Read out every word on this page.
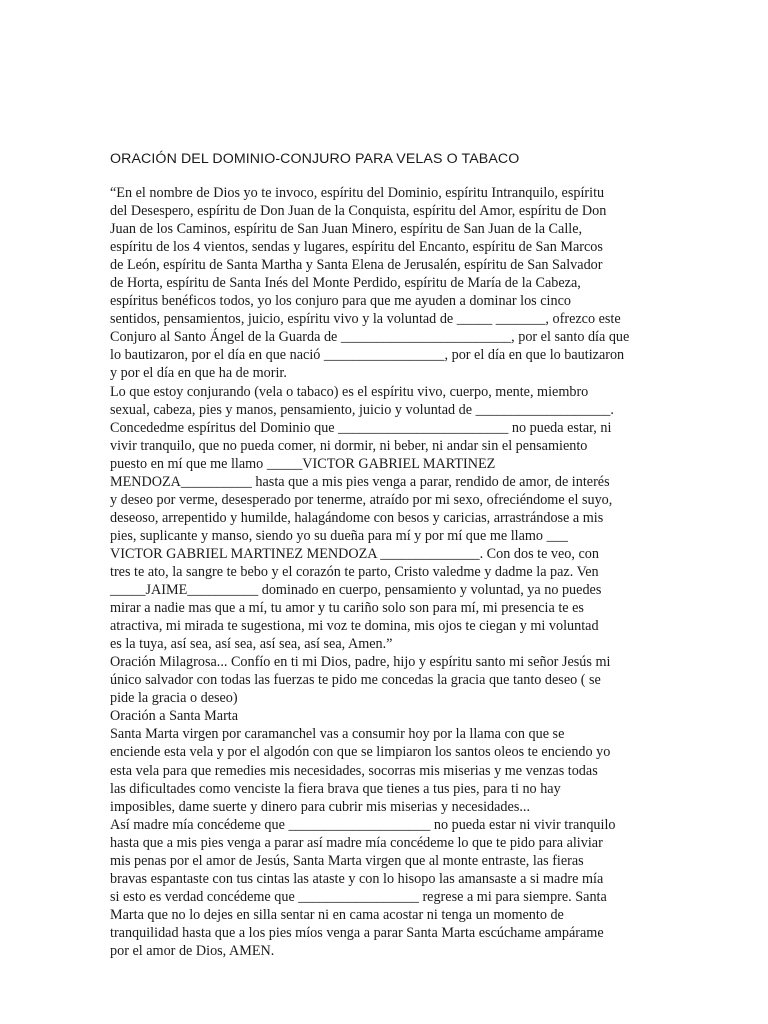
ORACIÓN DEL DOMINIO-CONJURO PARA VELAS O TABACO
“En el nombre de Dios yo te invoco, espíritu del Dominio, espíritu Intranquilo, espíritu
del Desespero, espíritu de Don Juan de la Conquista, espíritu del Amor, espíritu de Don
Juan de los Caminos, espíritu de San Juan Minero, espíritu de San Juan de la Calle,
espíritu de los 4 vientos, sendas y lugares, espíritu del Encanto, espíritu de San Marcos
de León, espíritu de Santa Martha y Santa Elena de Jerusalén, espíritu de San Salvador
de Horta, espíritu de Santa Inés del Monte Perdido, espíritu de María de la Cabeza,
espíritus benéficos todos, yo los conjuro para que me ayuden a dominar los cinco
sentidos, pensamientos, juicio, espíritu vivo y la voluntad de _____ _______, ofrezco este
Conjuro al Santo Ángel de la Guarda de ________________________, por el santo día que
lo bautizaron, por el día en que nació _________________, por el día en que lo bautizaron
y por el día en que ha de morir.
Lo que estoy conjurando (vela o tabaco) es el espíritu vivo, cuerpo, mente, miembro
sexual, cabeza, pies y manos, pensamiento, juicio y voluntad de ___________________.
Concededme espíritus del Dominio que ________________________ no pueda estar, ni
vivir tranquilo, que no pueda comer, ni dormir, ni beber, ni andar sin el pensamiento
puesto en mí que me llamo _____VICTOR GABRIEL MARTINEZ
MENDOZA__________ hasta que a mis pies venga a parar, rendido de amor, de interés
y deseo por verme, desesperado por tenerme, atraído por mi sexo, ofreciéndome el suyo,
deseoso, arrepentido y humilde, halagándome con besos y caricias, arrastrándose a mis
pies, suplicante y manso, siendo yo su dueña para mí y por mí que me llamo ___
VICTOR GABRIEL MARTINEZ MENDOZA ______________. Con dos te veo, con
tres te ato, la sangre te bebo y el corazón te parto, Cristo valedme y dadme la paz. Ven
_____JAIME__________ dominado en cuerpo, pensamiento y voluntad, ya no puedes
mirar a nadie mas que a mí, tu amor y tu cariño solo son para mí, mi presencia te es
atractiva, mi mirada te sugestiona, mi voz te domina, mis ojos te ciegan y mi voluntad
es la tuya, así sea, así sea, así sea, así sea, Amen.”
Oración Milagrosa... Confío en ti mi Dios, padre, hijo y espíritu santo mi señor Jesús mi
único salvador con todas las fuerzas te pido me concedas la gracia que tanto deseo ( se
pide la gracia o deseo)
Oración a Santa Marta
Santa Marta virgen por caramanchel vas a consumir hoy por la llama con que se
enciende esta vela y por el algodón con que se limpiaron los santos oleos te enciendo yo
esta vela para que remedies mis necesidades, socorras mis miserias y me venzas todas
las dificultades como venciste la fiera brava que tienes a tus pies, para ti no hay
imposibles, dame suerte y dinero para cubrir mis miserias y necesidades...
Así madre mía concédeme que ____________________ no pueda estar ni vivir tranquilo
hasta que a mis pies venga a parar así madre mía concédeme lo que te pido para aliviar
mis penas por el amor de Jesús, Santa Marta virgen que al monte entraste, las fieras
bravas espantaste con tus cintas las ataste y con lo hisopo las amansaste a si madre mía
si esto es verdad concédeme que _________________ regrese a mi para siempre. Santa
Marta que no lo dejes en silla sentar ni en cama acostar ni tenga un momento de
tranquilidad hasta que a los pies míos venga a parar Santa Marta escúchame ampárame
por el amor de Dios, AMEN.
